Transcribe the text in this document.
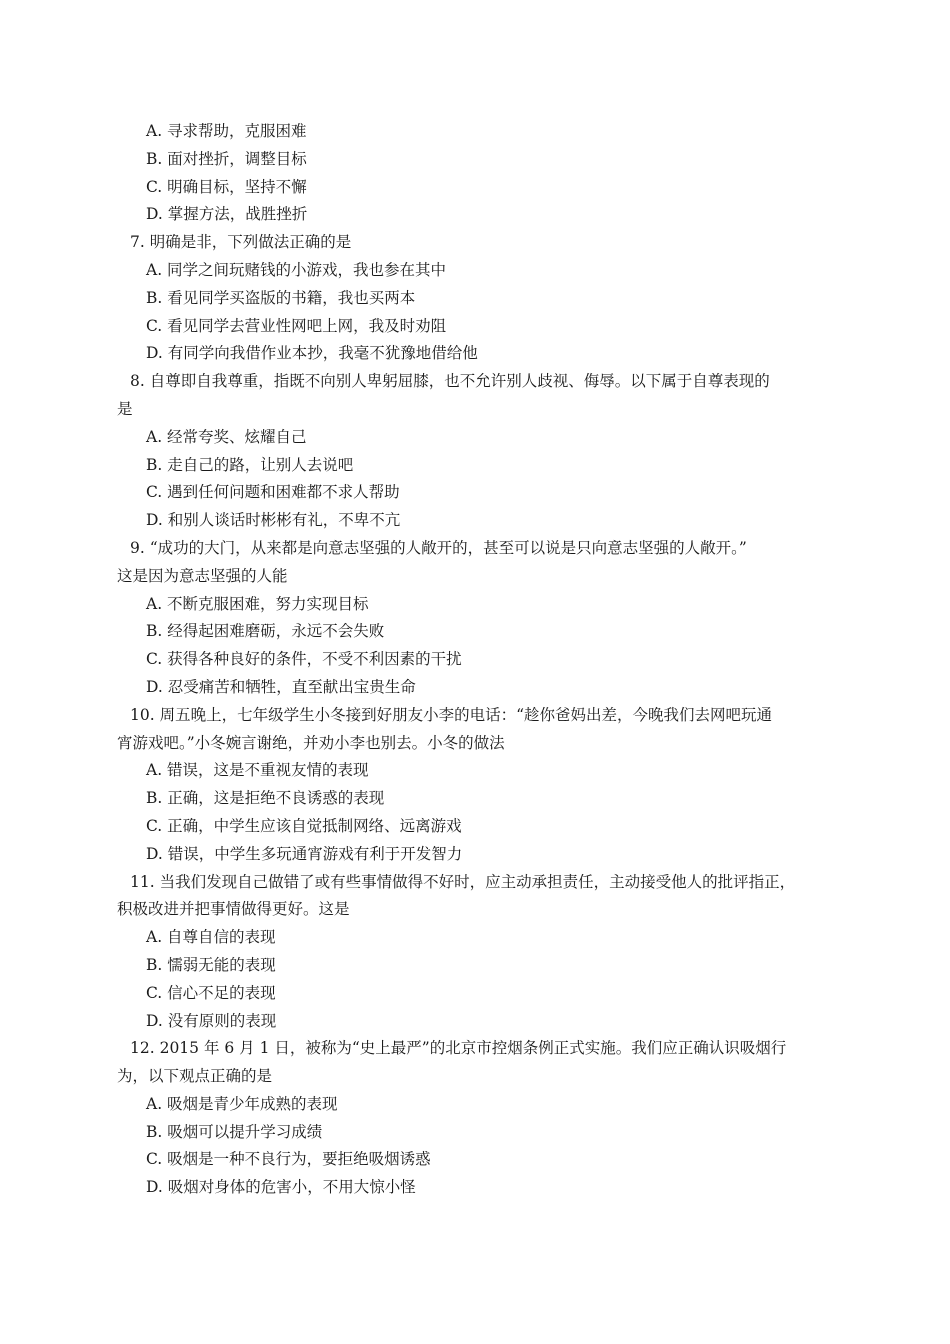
A. 寻求帮助，克服困难
B. 面对挫折，调整目标
C. 明确目标，坚持不懈
D. 掌握方法，战胜挫折
7. 明确是非，下列做法正确的是
A. 同学之间玩赌钱的小游戏，我也参在其中
B. 看见同学买盗版的书籍，我也买两本
C. 看见同学去营业性网吧上网，我及时劝阻
D. 有同学向我借作业本抄，我毫不犹豫地借给他
8. 自尊即自我尊重，指既不向别人卑躬屈膝，也不允许别人歧视、侮辱。以下属于自尊表现的
是
A. 经常夸奖、炫耀自己
B. 走自己的路，让别人去说吧
C. 遇到任何问题和困难都不求人帮助
D. 和别人谈话时彬彬有礼，不卑不亢
9. “成功的大门，从来都是向意志坚强的人敞开的，甚至可以说是只向意志坚强的人敞开。”
这是因为意志坚强的人能
A. 不断克服困难，努力实现目标
B. 经得起困难磨砺，永远不会失败
C. 获得各种良好的条件，不受不利因素的干扰
D. 忍受痛苦和牺牲，直至献出宝贵生命
10. 周五晚上，七年级学生小冬接到好朋友小李的电话：“趁你爸妈出差，今晚我们去网吧玩通
宵游戏吧。”小冬婉言谢绝，并劝小李也别去。小冬的做法
A. 错误，这是不重视友情的表现
B. 正确，这是拒绝不良诱惑的表现
C. 正确，中学生应该自觉抵制网络、远离游戏
D. 错误，中学生多玩通宵游戏有利于开发智力
11. 当我们发现自己做错了或有些事情做得不好时，应主动承担责任，主动接受他人的批评指正，
积极改进并把事情做得更好。这是
A. 自尊自信的表现
B. 懦弱无能的表现
C. 信心不足的表现
D. 没有原则的表现
12. 2015 年 6 月 1 日，被称为“史上最严”的北京市控烟条例正式实施。我们应正确认识吸烟行
为，以下观点正确的是
A. 吸烟是青少年成熟的表现
B. 吸烟可以提升学习成绩
C. 吸烟是一种不良行为，要拒绝吸烟诱惑
D. 吸烟对身体的危害小，不用大惊小怪
